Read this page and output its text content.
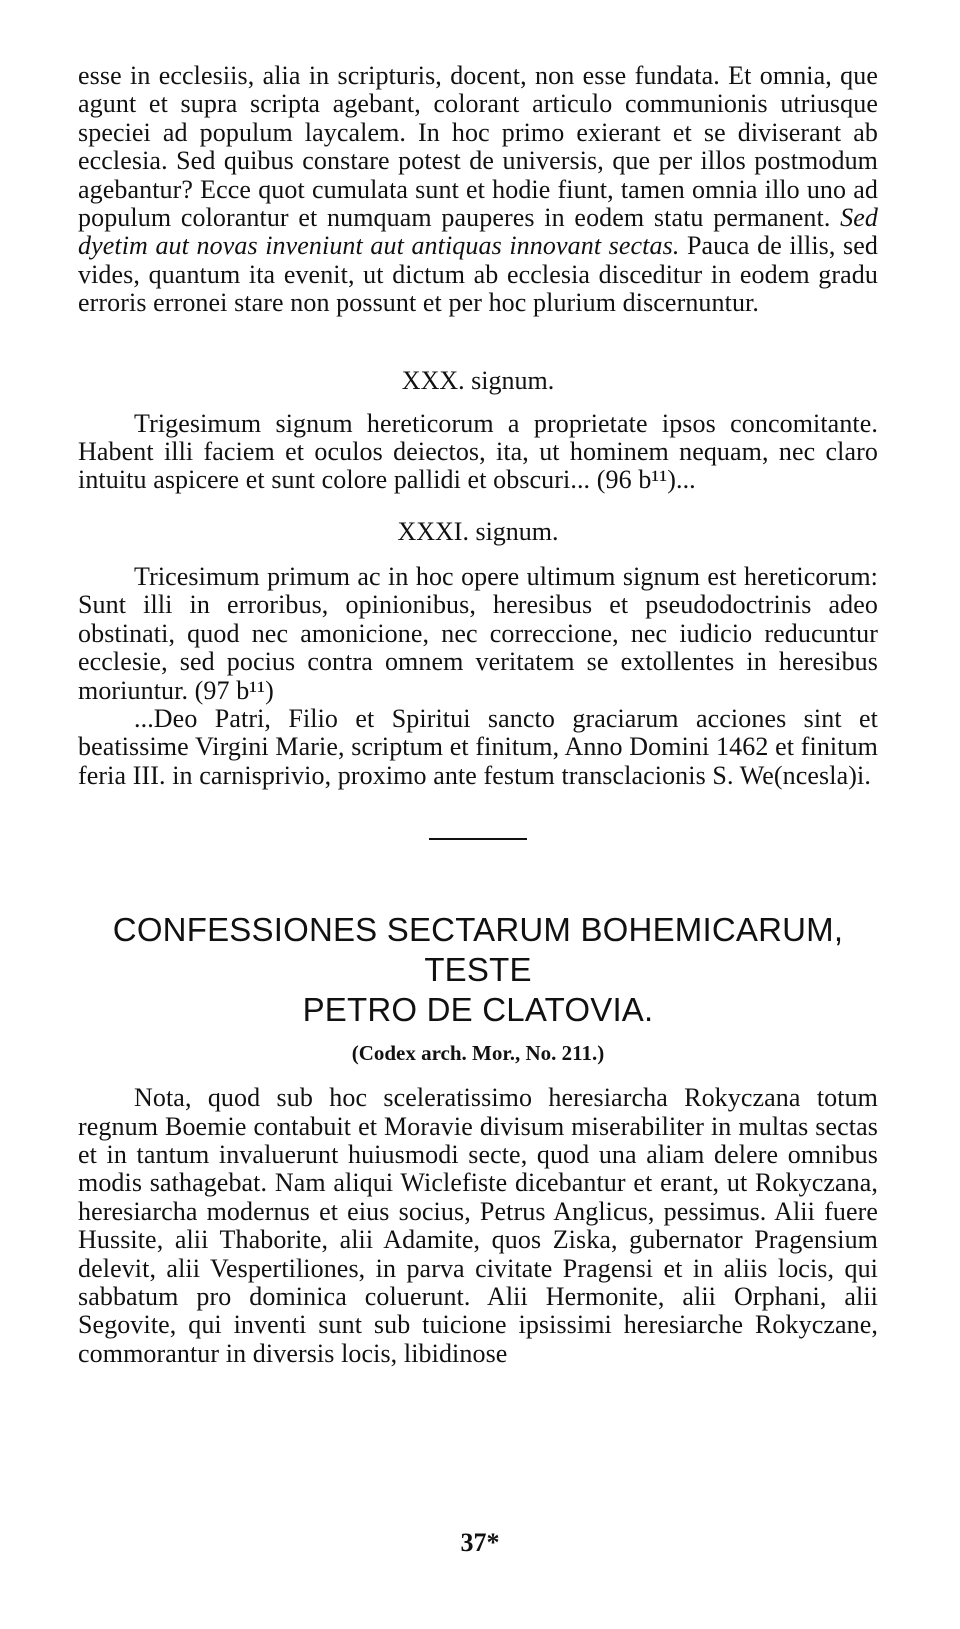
esse in ecclesiis, alia in scripturis, docent, non esse fundata. Et omnia, que agunt et supra scripta agebant, colorant articulo communionis utriusque speciei ad populum laycalem. In hoc primo exierant et se diviserant ab ecclesia. Sed quibus constare potest de universis, que per illos postmodum agebantur? Ecce quot cumulata sunt et hodie fiunt, tamen omnia illo uno ad populum colorantur et numquam pauperes in eodem statu permanent. Sed dyetim aut novas inveniunt aut antiquas innovant sectas. Pauca de illis, sed vides, quantum ita evenit, ut dictum ab ecclesia disceditur in eodem gradu erroris erronei stare non possunt et per hoc plurium discernuntur.

XXX. signum.

Trigesimum signum hereticorum a proprietate ipsos concomitante. Habent illi faciem et oculos deiectos, ita, ut hominem nequam, nec claro intuitu aspicere et sunt colore pallidi et obscuri... (96 b¹¹)...

XXXI. signum.

Tricesimum primum ac in hoc opere ultimum signum est hereticorum: Sunt illi in erroribus, opinionibus, heresibus et pseudodoctrinis adeo obstinati, quod nec amonicione, nec correccione, nec iudicio reducuntur ecclesie, sed pocius contra omnem veritatem se extollentes in heresibus moriuntur. (97 b¹¹)

...Deo Patri, Filio et Spiritui sancto graciarum acciones sint et beatissime Virgini Marie, scriptum et finitum, Anno Domini 1462 et finitum feria III. in carnisprivio, proximo ante festum transclacionis S. We(ncesla)i.

CONFESSIONES SECTARUM BOHEMICARUM, TESTE

PETRO DE CLATOVIA.

(Codex arch. Mor., No. 211.)

Nota, quod sub hoc sceleratissimo heresiarcha Rokyczana totum regnum Boemie contabuit et Moravie divisum miserabiliter in multas sectas et in tantum invaluerunt huiusmodi secte, quod una aliam delere omnibus modis sathagebat. Nam aliqui Wiclefiste dicebantur et erant, ut Rokyczana, heresiarcha modernus et eius socius, Petrus Anglicus, pessimus. Alii fuere Hussite, alii Thaborite, alii Adamite, quos Ziska, gubernator Pragensium delevit, alii Vespertiliones, in parva civitate Pragensi et in aliis locis, qui sabbatum pro dominica coluerunt. Alii Hermonite, alii Orphani, alii Segovite, qui inventi sunt sub tuicione ipsissimi heresiarche Rokyczane, commorantur in diversis locis, libidinose

37*
